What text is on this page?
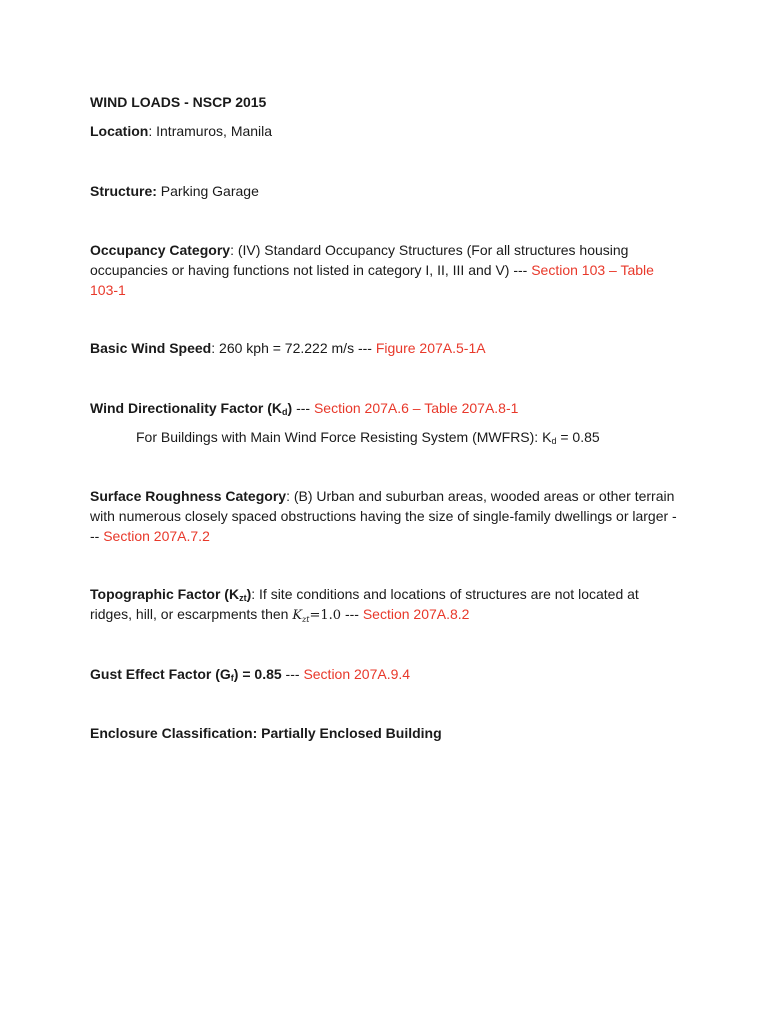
WIND LOADS - NSCP 2015

Location: Intramuros, Manila

Structure: Parking Garage

Occupancy Category: (IV) Standard Occupancy Structures (For all structures housing occupancies or having functions not listed in category I, II, III and V) --- Section 103 – Table 103-1

Basic Wind Speed: 260 kph = 72.222 m/s --- Figure 207A.5-1A

Wind Directionality Factor $(K_d)$ --- Section 207A.6 – Table 207A.8-1

For Buildings with Main Wind Force Resisting System (MWFRS): $K_d = 0.85$

Surface Roughness Category: (B) Urban and suburban areas, wooded areas or other terrain with numerous closely spaced obstructions having the size of single-family dwellings or larger --- Section 207A.7.2

Topographic Factor $(K_{zt})$: If site conditions and locations of structures are not located at ridges, hill, or escarpments then $K_{zt}=1.0$ --- Section 207A.8.2

Gust Effect Factor $(G_f) = 0.85$ --- Section 207A.9.4

Enclosure Classification: Partially Enclosed Building
